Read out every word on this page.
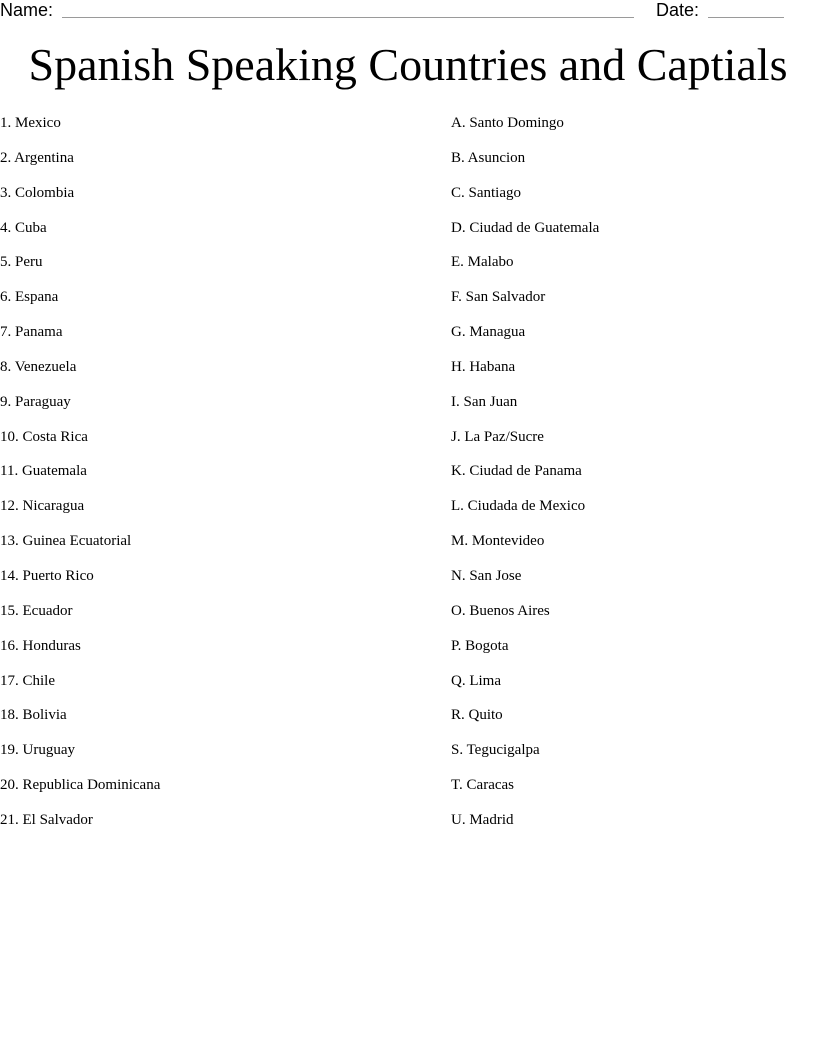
Name:	Date:
Spanish Speaking Countries and Captials
1. Mexico
2. Argentina
3. Colombia
4. Cuba
5. Peru
6. Espana
7. Panama
8. Venezuela
9. Paraguay
10. Costa Rica
11. Guatemala
12. Nicaragua
13. Guinea Ecuatorial
14. Puerto Rico
15. Ecuador
16. Honduras
17. Chile
18. Bolivia
19. Uruguay
20. Republica Dominicana
21. El Salvador
A. Santo Domingo
B. Asuncion
C. Santiago
D. Ciudad de Guatemala
E. Malabo
F. San Salvador
G. Managua
H. Habana
I. San Juan
J. La Paz/Sucre
K. Ciudad de Panama
L. Ciudada de Mexico
M. Montevideo
N. San Jose
O. Buenos Aires
P. Bogota
Q. Lima
R. Quito
S. Tegucigalpa
T. Caracas
U. Madrid
